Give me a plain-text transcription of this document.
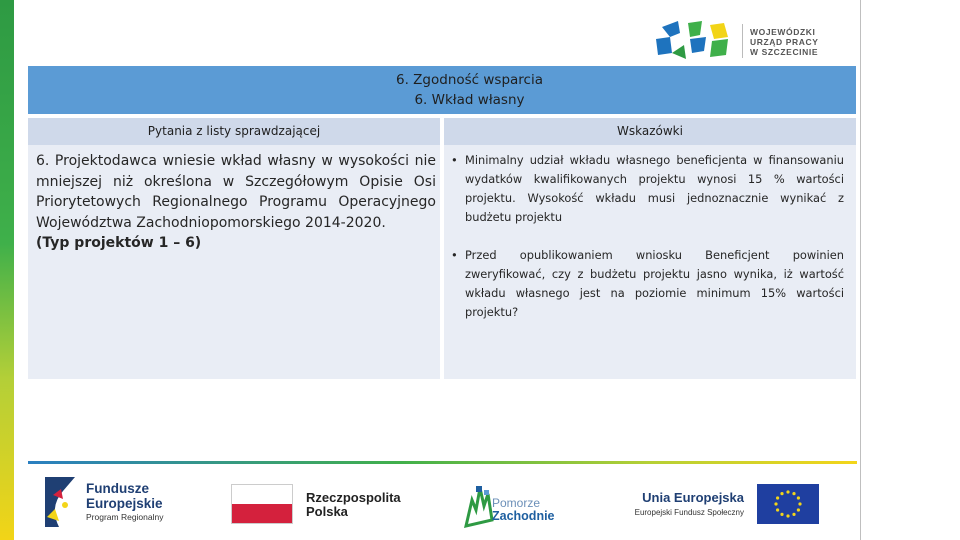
WOJEWÓDZKI
URZĄD PRACY
W SZCZECINIE
6. Zgodność wsparcia
6. Wkład własny
Pytania z listy sprawdzającej	Wskazówki
6. Projektodawca wniesie wkład własny w wysokości nie mniejszej niż określona w Szczegółowym Opisie Osi Priorytetowych Regionalnego Programu Operacyjnego Województwa Zachodniopomorskiego 2014-2020.
(Typ projektów 1 – 6)
• Minimalny udział wkładu własnego beneficjenta w finansowaniu wydatków kwalifikowanych projektu wynosi 15 % wartości projektu. Wysokość wkładu musi jednoznacznie wynikać z budżetu projektu
• Przed opublikowaniem wniosku Beneficjent powinien zweryfikować, czy z budżetu projektu jasno wynika, iż wartość wkładu własnego jest na poziomie minimum 15% wartości projektu?
Fundusze
Europejskie
Program Regionalny
Rzeczpospolita
Polska
Pomorze
Zachodnie
Unia Europejska
Europejski Fundusz Społeczny
